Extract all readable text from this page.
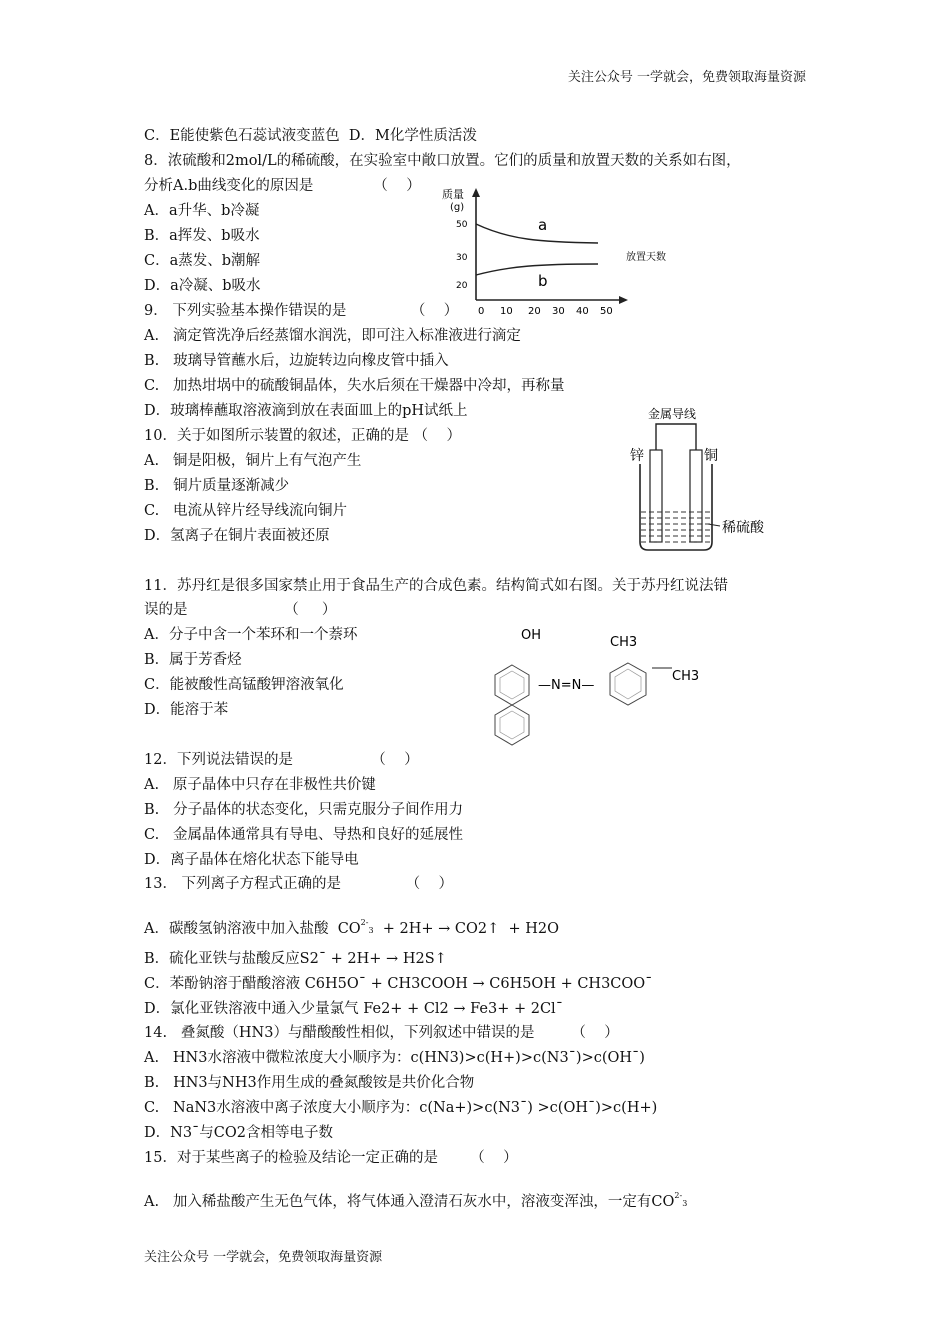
关注公众号 一学就会，免费领取海量资源
C．E能使紫色石蕊试液变蓝色  D．M化学性质活泼
8．浓硫酸和2mol/L的稀硫酸，在实验室中敞口放置。它们的质量和放置天数的关系如右图，
分析A.b曲线变化的原因是             （    ）
A．a升华、b冷凝
B．a挥发、b吸水
C．a蒸发、b潮解
D．a冷凝、b吸水
9． 下列实验基本操作错误的是              （    ）
A.   滴定管洗净后经蒸馏水润洗，即可注入标准液进行滴定
B.   玻璃导管蘸水后，边旋转边向橡皮管中插入
C.   加热坩埚中的硫酸铜晶体，失水后须在干燥器中冷却，再称量
D．玻璃棒蘸取溶液滴到放在表面皿上的pH试纸上
10．关于如图所示装置的叙述，正确的是 （    ）
A.   铜是阳极，铜片上有气泡产生
B.   铜片质量逐渐减少
C.   电流从锌片经导线流向铜片
D．氢离子在铜片表面被还原
11．苏丹红是很多国家禁止用于食品生产的合成色素。结构简式如右图。关于苏丹红说法错
误的是                     （     ）
A．分子中含一个苯环和一个萘环
B．属于芳香烃
C．能被酸性高锰酸钾溶液氧化
D．能溶于苯
12．下列说法错误的是                 （    ）
A.   原子晶体中只存在非极性共价键
B.   分子晶体的状态变化，只需克服分子间作用力
C.   金属晶体通常具有导电、导热和良好的延展性
D．离子晶体在熔化状态下能导电
13． 下列离子方程式正确的是              （    ）
A．碳酸氢钠溶液中加入盐酸  $CO^{2-}3 + 2H+$ → CO2↑  + H2O
B．硫化亚铁与盐酸反应S2¯ + 2H+ → H2S↑
C．苯酚钠溶于醋酸溶液 C6H5O¯ + CH3COOH → C6H5OH + CH3COO¯
D．氯化亚铁溶液中通入少量氯气 Fe2+ + Cl2 → Fe3+ + 2Cl¯
14.   叠氮酸（HN3）与醋酸酸性相似，下列叙述中错误的是        （    ）
A.   HN3水溶液中微粒浓度大小顺序为：c(HN3)>c(H+)>c(N3¯)>c(OH¯)
B.   HN3与NH3作用生成的叠氮酸铵是共价化合物
C.   NaN3水溶液中离子浓度大小顺序为：c(Na+)>c(N3¯) >c(OH¯)>c(H+)
D．N3¯与CO2含相等电子数
15．对于某些离子的检验及结论一定正确的是       （    ）
A.   加入稀盐酸产生无色气体，将气体通入澄清石灰水中，溶液变浑浊，一定有$CO^{2-}3$
质量
(g)
50
30
20
0 10 20 30 40 50
a
b
放置天数
金属导线
锌	铜
稀硫酸
OH
—N=N—
CH3
CH3
关注公众号 一学就会，免费领取海量资源
